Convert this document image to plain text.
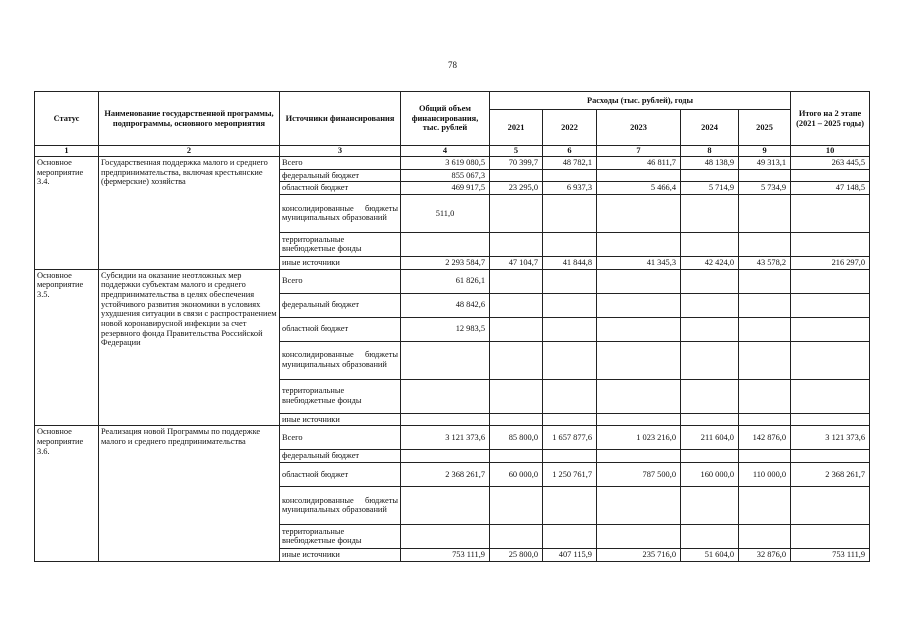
78
Статус	Наименование государственной программы, подпрограммы, основного мероприятия	Источники финансирования	Общий объем финансирования, тыс. рублей	Расходы (тыс. рублей), годы					Итого на 2 этапе (2021 – 2025 годы)
				2021	2022	2023	2024	2025	
1	2	3	4	5	6	7	8	9	10
Основное мероприятие 3.4.	Государственная поддержка малого и среднего предпринимательства, включая крестьянские (фермерские) хозяйства	Всего	3 619 080,5	70 399,7	48 782,1	46 811,7	48 138,9	49 313,1	263 445,5
		федеральный бюджет	855 067,3						
		областной бюджет	469 917,5	23 295,0	6 937,3	5 466,4	5 714,9	5 734,9	47 148,5
		консолидированные бюджеты муниципальных образований	511,0						
		территориальные внебюджетные фонды							
		иные источники	2 293 584,7	47 104,7	41 844,8	41 345,3	42 424,0	43 578,2	216 297,0
Основное мероприятие 3.5.	Субсидии на оказание неотложных мер поддержки субъектам малого и среднего предпринимательства в целях обеспечения устойчивого развития экономики в условиях ухудшения ситуации в связи с распространением новой коронавирусной инфекции за счет резервного фонда Правительства Российской Федерации	Всего	61 826,1						
		федеральный бюджет	48 842,6						
		областной бюджет	12 983,5						
		консолидированные бюджеты муниципальных образований							
		территориальные внебюджетные фонды							
		иные источники							
Основное мероприятие 3.6.	Реализация новой Программы по поддержке малого и среднего предпринимательства	Всего	3 121 373,6	85 800,0	1 657 877,6	1 023 216,0	211 604,0	142 876,0	3 121 373,6
		федеральный бюджет							
		областной бюджет	2 368 261,7	60 000,0	1 250 761,7	787 500,0	160 000,0	110 000,0	2 368 261,7
		консолидированные бюджеты муниципальных образований							
		территориальные внебюджетные фонды							
		иные источники	753 111,9	25 800,0	407 115,9	235 716,0	51 604,0	32 876,0	753 111,9
